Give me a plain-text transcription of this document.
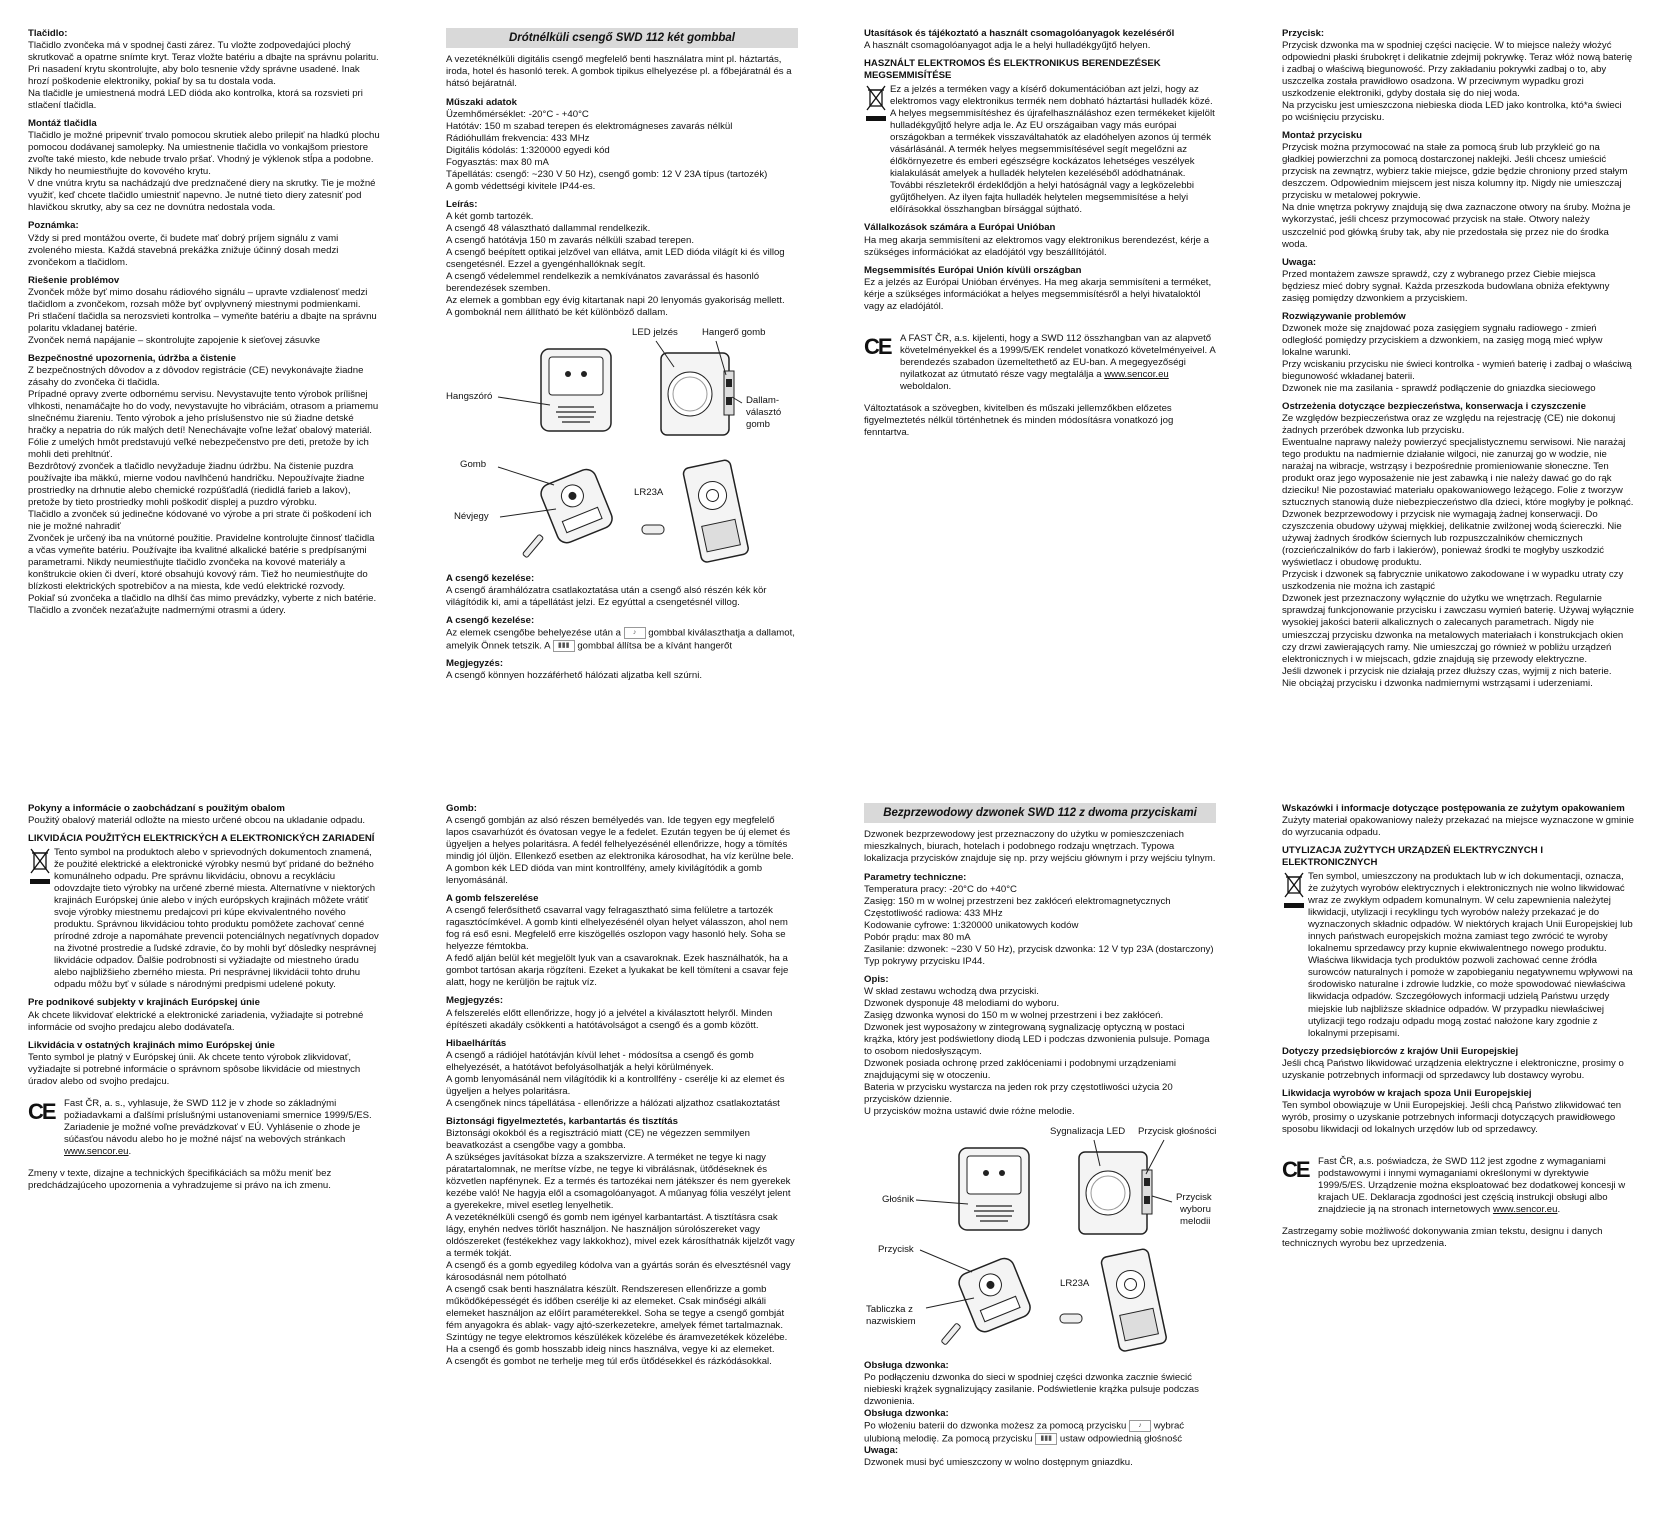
Tlačidlo:

Tlačidlo zvončeka má v spodnej časti zárez. Tu vložte zodpovedajúci plochý skrutkovač a opatrne snímte kryt. Teraz vložte batériu a dbajte na správnu polaritu. Pri nasadení krytu skontrolujte, aby bolo tesnenie vždy správne usadené. Inak hrozí poškodenie elektroniky, pokiaľ by sa tu dostala voda.

Na tlačidle je umiestnená modrá LED dióda ako kontrolka, ktorá sa rozsvieti pri stlačení tlačidla.

Montáž tlačidla

Tlačidlo je možné pripevniť trvalo pomocou skrutiek alebo prilepiť na hladkú plochu pomocou dodávanej samolepky. Na umiestnenie tlačidla vo vonkajšom priestore zvoľte také miesto, kde nebude trvalo pršať. Vhodný je výklenok stĺpa a podobne. Nikdy ho neumiestňujte do kovového krytu.

V dne vnútra krytu sa nachádzajú dve predznačené diery na skrutky. Tie je možné využiť, keď chcete tlačidlo umiestniť napevno. Je nutné tieto diery zatesniť pod hlavičkou skrutky, aby sa cez ne dovnútra nedostala voda.

Poznámka:

Vždy si pred montážou overte, či budete mať dobrý príjem signálu z vami zvoleného miesta. Každá stavebná prekážka znižuje účinný dosah medzi zvončekom a tlačidlom.

Riešenie problémov

Zvonček môže byť mimo dosahu rádiového signálu – upravte vzdialenosť medzi tlačidlom a zvončekom, rozsah môže byť ovplyvnený miestnymi podmienkami.

Pri stlačení tlačidla sa nerozsvieti kontrolka – vymeňte batériu a dbajte na správnu polaritu vkladanej batérie.

Zvonček nemá napájanie – skontrolujte zapojenie k sieťovej zásuvke

Bezpečnostné upozornenia, údržba a čistenie

Z bezpečnostných dôvodov a z dôvodov registrácie (CE) nevykonávajte žiadne zásahy do zvončeka či tlačidla.

Prípadné opravy zverte odbornému servisu. Nevystavujte tento výrobok prílišnej vlhkosti, nenamáčajte ho do vody, nevystavujte ho vibráciám, otrasom a priamemu slnečnému žiareniu. Tento výrobok a jeho príslušenstvo nie sú žiadne detské hračky a nepatria do rúk malých detí! Nenechávajte voľne ležať obalový materiál. Fólie z umelých hmôt predstavujú veľké nebezpečenstvo pre deti, pretože by ich mohli deti prehltnúť.

Bezdrôtový zvonček a tlačidlo nevyžaduje žiadnu údržbu. Na čistenie puzdra používajte iba mäkkú, mierne vodou navlhčenú handričku. Nepoužívajte žiadne prostriedky na drhnutie alebo chemické rozpúšťadlá (riedidlá farieb a lakov), pretože by tieto prostriedky mohli poškodiť displej a puzdro výrobku.

Tlačidlo a zvonček sú jedinečne kódované vo výrobe a pri strate či poškodení ich nie je možné nahradiť

Zvonček je určený iba na vnútorné použitie. Pravidelne kontrolujte činnosť tlačidla a včas vymeňte batériu. Používajte iba kvalitné alkalické batérie s predpísanými parametrami. Nikdy neumiestňujte tlačidlo zvončeka na kovové materiály a konštrukcie okien či dverí, ktoré obsahujú kovový rám. Tiež ho neumiestňujte do blízkosti elektrických spotrebičov a na miesta, kde vedú elektrické rozvody.

Pokiaľ sú zvončeka a tlačidlo na dlhší čas mimo prevádzky, vyberte z nich batérie.

Tlačidlo a zvonček nezaťažujte nadmernými otrasmi a údery.

Drótnélküli csengő SWD 112 két gombbal

A vezetéknélküli digitális csengő megfelelő benti használatra mint pl. háztartás, iroda, hotel és hasonló terek. A gombok tipikus elhelyezése pl. a főbejáratnál és a hátsó bejáratnál.

Műszaki adatok
Üzemhőmérséklet: -20°C - +40°C
Hatótáv: 150 m szabad terepen és elektromágneses zavarás nélkül
Rádióhullám frekvencia: 433 MHz
Digitális kódolás: 1:320000 egyedi kód
Fogyasztás: max 80 mA
Tápellátás: csengő: ~230 V 50 Hz), csengő gomb: 12 V 23A típus (tartozék)
A gomb védettségi kivitele IP44-es.
Leírás:
A két gomb tartozék.
A csengő 48 választható dallammal rendelkezik.
A csengő hatótávja 150 m zavarás nélküli szabad terepen.
A csengő beépített optikai jelzővel van ellátva, amit LED dióda világít ki és villog csengetésnél. Ezzel a gyengénhallóknak segít.
A csengő védelemmel rendelkezik a nemkívánatos zavarással és hasonló berendezések szemben.
Az elemek a gombban egy évig kitartanak napi 20 lenyomás gyakoriság mellett.
A gomboknál nem állítható be két különböző dallam.
LED jelzés	Hangerő gomb
Hangszóró	Dallam-
választó
gomb
Gomb
LR23A
Névjegy
A csengő kezelése:

A csengő áramhálózatra csatlakoztatása után a csengő alsó részén kék kör világítódik ki, ami a tápellátást jelzi. Ez egyúttal a csengetésnél villog.

A csengő kezelése:

Az elemek csengőbe behelyezése után a ♪ gombbal kiválaszthatja a dallamot, amelyik Önnek tetszik. A ▮▮▮ gombbal állítsa be a kívánt hangerőt

Megjegyzés:

A csengő könnyen hozzáférhető hálózati aljzatba kell szúrni.

Utasítások és tájékoztató a használt csomagolóanyagok kezeléséről

A használt csomagolóanyagot adja le a helyi hulladékgyűjtő helyen.

HASZNÁLT ELEKTROMOS ÉS ELEKTRONIKUS BERENDEZÉSEK MEGSEMMISÍTÉSE

Ez a jelzés a terméken vagy a kísérő dokumentációban azt jelzi, hogy az elektromos vagy elektronikus termék nem dobható háztartási hulladék közé. A helyes megsemmisítéshez és újrafelhasználáshoz ezen termékeket kijelölt hulladékgyűjtő helyre adja le. Az EU országaiban vagy más európai országokban a termékek visszaváltahatók az eladóhelyen azonos új termék vásárlásánál. A termék helyes megsemmisítésével segít megelőzni az élőkörnyezetre és emberi egészségre kockázatos lehetséges veszélyek kialakulását amelyek a hulladék helytelen kezeléséből adódhatnának. További részletekről érdeklődjön a helyi hatóságnál vagy a legközelebbi gyűjtőhelyen. Az ilyen fajta hulladék helytelen megsemmisítése a helyi előírásokkal összhangban bírsággal sújtható.

Vállalkozások számára a Európai Unióban

Ha meg akarja semmisíteni az elektromos vagy elektronikus berendezést, kérje a szükséges információkat az eladójától vgy beszállítójától.

Megsemmisítés Európai Unión kívüli országban

Ez a jelzés az Európai Unióban érvényes. Ha meg akarja semmisíteni a terméket, kérje a szükséges információkat a helyes megsemmisítésről a helyi hivataloktól vagy az eladójától.

CE A FAST ČR, a.s. kijelenti, hogy a SWD 112 összhangban van az alapvető követelményekkel és a 1999/5/EK rendelet vonatkozó követelményeivel. A berendezés szabadon üzemeltethető az EU-ban. A megegyezőségi nyilatkozat az útmutató része vagy megtalálja a www.sencor.eu weboldalon.

Változtatások a szövegben, kivitelben és műszaki jellemzőkben előzetes figyelmeztetés nélkül történhetnek és minden módosításra vonatkozó jog fenntartva.

Przycisk:

Przycisk dzwonka ma w spodniej części nacięcie. W to miejsce należy włożyć odpowiedni płaski śrubokręt i delikatnie zdejmij pokrywkę. Teraz włóż nową baterię i zadbaj o właściwą biegunowość. Przy zakładaniu pokrywki zadbaj o to, aby uszczelka została prawidłowo osadzona. W przeciwnym wypadku grozi uszkodzenie elektroniki, gdyby dostała się do niej woda.

Na przycisku jest umieszczona niebieska dioda LED jako kontrolka, któ*a świeci po wciśnięciu przycisku.

Montaż przycisku

Przycisk można przymocować na stałe za pomocą śrub lub przykleić go na gładkiej powierzchni za pomocą dostarczonej naklejki. Jeśli chcesz umieścić przycisk na zewnątrz, wybierz takie miejsce, gdzie będzie chroniony przed stałym deszczem. Odpowiednim miejscem jest nisza kolumny itp. Nigdy nie umieszczaj przycisku w metalowej pokrywie.

Na dnie wnętrza pokrywy znajdują się dwa zaznaczone otwory na śruby. Można je wykorzystać, jeśli chcesz przymocować przycisk na stałe. Otwory należy uszczelnić pod główką śruby tak, aby nie przedostała się przez nie do środka woda.

Uwaga:

Przed montażem zawsze sprawdź, czy z wybranego przez Ciebie miejsca będziesz mieć dobry sygnał. Każda przeszkoda budowlana obniża efektywny zasięg pomiędzy dzwonkiem a przyciskiem.

Rozwiązywanie problemów

Dzwonek może się znajdować poza zasięgiem sygnału radiowego - zmień odległość pomiędzy przyciskiem a dzwonkiem, na zasięg mogą mieć wpływ lokalne warunki.

Przy wciskaniu przycisku nie świeci kontrolka - wymień baterię i zadbaj o właściwą biegunowość wkładanej baterii.

Dzwonek nie ma zasilania - sprawdź podłączenie do gniazdka sieciowego

Ostrzeżenia dotyczące bezpieczeństwa, konserwacja i czyszczenie

Ze względów bezpieczeństwa oraz ze względu na rejestrację (CE) nie dokonuj żadnych przeróbek dzwonka lub przycisku.

Ewentualne naprawy należy powierzyć specjalistycznemu serwisowi. Nie narażaj tego produktu na nadmiernie działanie wilgoci, nie zanurzaj go w wodzie, nie narażaj na wibracje, wstrząsy i bezpośrednie promieniowanie słoneczne. Ten produkt oraz jego wyposażenie nie jest zabawką i nie należy dawać go do rąk dzieciku! Nie pozostawiać materiału opakowaniowego leżącego. Folie z tworzyw sztucznych stanowią duże niebezpieczeństwo dla dzieci, które mogłyby je połknąć.

Dzwonek bezprzewodowy i przycisk nie wymagają żadnej konserwacji. Do czyszczenia obudowy używaj miękkiej, delikatnie zwilżonej wodą ściereczki. Nie używaj żadnych środków ściernych lub rozpuszczalników chemicznych (rozcieńczalników do farb i lakierów), ponieważ środki te mogłyby uszkodzić wyświetlacz i obudowę produktu.

Przycisk i dzwonek są fabrycznie unikatowo zakodowane i w wypadku utraty czy uszkodzenia nie można ich zastąpić

Dzwonek jest przeznaczony wyłącznie do użytku we wnętrzach. Regularnie sprawdzaj funkcjonowanie przycisku i zawczasu wymień baterię. Używaj wyłącznie wysokiej jakości baterii alkalicznych o zalecanych parametrach. Nigdy nie umieszczaj przycisku dzwonka na metalowych materiałach i konstrukcjach okien czy drzwi zawierających ramy. Nie umieszczaj go również w pobliżu urządzeń elektronicznych i w miejscach, gdzie znajdują się przewody elektryczne.

Jeśli dzwonek i przycisk nie działają przez dłuższy czas, wyjmij z nich baterie.

Nie obciążaj przycisku i dzwonka nadmiernymi wstrząsami i uderzeniami.

Pokyny a informácie o zaobchádzaní s použitým obalom

Použitý obalový materiál odložte na miesto určené obcou na ukladanie odpadu.

LIKVIDÁCIA POUŽITÝCH ELEKTRICKÝCH A ELEKTRONICKÝCH ZARIADENÍ

Tento symbol na produktoch alebo v sprievodných dokumentoch znamená, že použité elektrické a elektronické výrobky nesmú byť pridané do bežného komunálneho odpadu. Pre správnu likvidáciu, obnovu a recykláciu odovzdajte tieto výrobky na určené zberné miesta. Alternatívne v niektorých krajinách Európskej únie alebo v iných európskych krajinách môžete vrátiť svoje výrobky miestnemu predajcovi pri kúpe ekvivalentného nového produktu. Správnou likvidáciou tohto produktu pomôžete zachovať cenné prírodné zdroje a napomáhate prevencii potenciálnych negatívnych dopadov na životné prostredie a ľudské zdravie, čo by mohli byť dôsledky nesprávnej likvidácie odpadov. Ďalšie podrobnosti si vyžiadajte od miestneho úradu alebo najbližšieho zberného miesta. Pri nesprávnej likvidácii tohto druhu odpadu môžu byť v súlade s národnými predpismi udelené pokuty.

Pre podnikové subjekty v krajinách Európskej únie

Ak chcete likvidovať elektrické a elektronické zariadenia, vyžiadajte si potrebné informácie od svojho predajcu alebo dodávateľa.

Likvidácia v ostatných krajinách mimo Európskej únie

Tento symbol je platný v Európskej únii. Ak chcete tento výrobok zlikvidovať, vyžiadajte si potrebné informácie o správnom spôsobe likvidácie od miestnych úradov alebo od svojho predajcu.

CE Fast ČR, a. s., vyhlasuje, že SWD 112 je v zhode so základnými požiadavkami a ďalšími príslušnými ustanoveniami smernice 1999/5/ES. Zariadenie je možné voľne prevádzkovať v EÚ. Vyhlásenie o zhode je súčasťou návodu alebo ho je možné nájsť na webových stránkach www.sencor.eu.

Zmeny v texte, dizajne a technických špecifikáciách sa môžu meniť bez predchádzajúceho upozornenia a vyhradzujeme si právo na ich zmenu.

Gomb:

A csengő gombján az alsó részen bemélyedés van. Ide tegyen egy megfelelő lapos csavarhúzót és óvatosan vegye le a fedelet. Ezután tegyen be új elemet és ügyeljen a helyes polaritásra. A fedél felhelyezésénél ellenőrizze, hogy a tömítés mindig jól üljön. Ellenkező esetben az elektronika károsodhat, ha víz kerülne bele.

A gombon kék LED dióda van mint kontrollfény, amely kivilágítódik a gomb lenyomásánál.

A gomb felszerelése

A csengő felerősíthető csavarral vagy felragasztható sima felületre a tartozék ragasztócímkével. A gomb kinti elhelyezésénél olyan helyet válasszon, ahol nem fog rá eső esni. Megfelelő erre kiszögellés oszlopon vagy hasonló hely. Soha se helyezze fémtokba.

A fedő alján belül két megjelölt lyuk van a csavaroknak. Ezek használhatók, ha a gombot tartósan akarja rögzíteni. Ezeket a lyukakat be kell tömíteni a csavar feje alatt, hogy ne kerüljön be rajtuk víz.

Megjegyzés:

A felszerelés előtt ellenőrizze, hogy jó a jelvétel a kiválasztott helyről. Minden építészeti akadály csökkenti a hatótávolságot a csengő és a gomb között.

Hibaelhárítás

A csengő a rádiójel hatótávján kívül lehet - módosítsa a csengő és gomb elhelyezését, a hatótávot befolyásolhatják a helyi körülmények.

A gomb lenyomásánál nem világítódik ki a kontrollfény - cserélje ki az elemet és ügyeljen a helyes polaritásra.

A csengőnek nincs tápellátása - ellenőrizze a hálózati aljzathoz csatlakoztatást

Biztonsági figyelmeztetés, karbantartás és tisztítás

Biztonsági okokból és a regisztráció miatt (CE) ne végezzen semmilyen beavatkozást a csengőbe vagy a gombba.

A szükséges javításokat bízza a szakszervizre. A terméket ne tegye ki nagy páratartalomnak, ne merítse vízbe, ne tegye ki vibrálásnak, ütődéseknek és közvetlen napfénynek. Ez a termés és tartozékai nem játékszer és nem gyerekek kezébe való! Ne hagyja elől a csomagolóanyagot. A műanyag fólia veszélyt jelent a gyerekekre, mivel esetleg lenyelhetik.

A vezetéknélküli csengő és gomb nem igényel karbantartást. A tisztításra csak lágy, enyhén nedves törlőt használjon. Ne használjon súrolószereket vagy oldószereket (festékekhez vagy lakkokhoz), mivel ezek károsíthatnák kijelzőt vagy a termék tokját.

A csengő és a gomb egyedileg kódolva van a gyártás során és elvesztésnél vagy károsodásnál nem pótolható

A csengő csak benti használatra készült. Rendszeresen ellenőrizze a gomb működőképességét és időben cserélje ki az elemeket. Csak minőségi alkáli elemeket használjon az előírt paraméterekkel. Soha se tegye a csengő gombját fém anyagokra és ablak- vagy ajtó-szerkezetekre, amelyek fémet tartalmaznak. Szintúgy ne tegye elektromos készülékek közelébe és áramvezetékek közelébe.

Ha a csengő és gomb hosszabb ideig nincs használva, vegye ki az elemeket.

A csengőt és gombot ne terhelje meg túl erős ütődésekkel és rázkódásokkal.

Bezprzewodowy dzwonek SWD 112 z dwoma przyciskami

Dzwonek bezprzewodowy jest przeznaczony do użytku w pomieszczeniach mieszkalnych, biurach, hotelach i podobnego rodzaju wnętrzach. Typowa lokalizacja przycisków znajduje się np. przy wejściu głównym i przy wejściu tylnym.

Parametry techniczne:
Temperatura pracy: -20°C do +40°C
Zasięg: 150 m w wolnej przestrzeni bez zakłóceń elektromagnetycznych
Częstotliwość radiowa: 433 MHz
Kodowanie cyfrowe: 1:320000 unikatowych kodów
Pobór prądu: max 80 mA
Zasilanie: dzwonek: ~230 V 50 Hz), przycisk dzwonka: 12 V typ 23A (dostarczony)
Typ pokrywy przycisku IP44.
Opis:
W skład zestawu wchodzą dwa przyciski.
Dzwonek dysponuje 48 melodiami do wyboru.
Zasięg dzwonka wynosi do 150 m w wolnej przestrzeni i bez zakłóceń.
Dzwonek jest wyposażony w zintegrowaną sygnalizację optyczną w postaci krążka, który jest podświetlony diodą LED i podczas dzwonienia pulsuje. Pomaga to osobom niedosłyszącym.
Dzwonek posiada ochronę przed zakłóceniami i podobnymi urządzeniami znajdującymi się w otoczeniu.
Bateria w przycisku wystarcza na jeden rok przy częstotliwości użycia 20 przycisków dziennie.
U przycisków można ustawić dwie różne melodie.
Sygnalizacja LED Przycisk głośności
Głośnik	Przycisk
wyboru
melodii
Przycisk
LR23A
Tabliczka z
nazwiskiem
Obsługa dzwonka:

Po podłączeniu dzwonka do sieci w spodniej części dzwonka zacznie świecić niebieski krążek sygnalizujący zasilanie. Podświetlenie krążka pulsuje podczas dzwonienia.

Obsługa dzwonka:

Po włożeniu baterii do dzwonka możesz za pomocą przycisku ♪ wybrać ulubioną melodię. Za pomocą przycisku ▮▮▮ ustaw odpowiednią głośność

Uwaga:

Dzwonek musi być umieszczony w wolno dostępnym gniazdku.

Wskazówki i informacje dotyczące postępowania ze zużytym opakowaniem

Zużyty materiał opakowaniowy należy przekazać na miejsce wyznaczone w gminie do wyrzucania odpadu.

UTYLIZACJA ZUŻYTYCH URZĄDZEŃ ELEKTRYCZNYCH I ELEKTRONICZNYCH

Ten symbol, umieszczony na produktach lub w ich dokumentacji, oznacza, że zużytych wyrobów elektrycznych i elektronicznych nie wolno likwidować wraz ze zwykłym odpadem komunalnym. W celu zapewnienia należytej likwidacji, utylizacji i recyklingu tych wyrobów należy przekazać je do wyznaczonych składnic odpadów. W niektórych krajach Unii Europejskiej lub innych państwach europejskich można zamiast tego zwrócić te wyroby lokalnemu sprzedawcy przy kupnie ekwiwalentnego nowego produktu. Właściwa likwidacja tych produktów pozwoli zachować cenne źródła surowców naturalnych i pomoże w zapobieganiu negatywnemu wpływowi na środowisko naturalne i zdrowie ludzkie, co może spowodować niewłaściwa likwidacja odpadów. Szczegółowych informacji udzielą Państwu urzędy miejskie lub najbliższe składnice odpadów. W przypadku niewłaściwej utylizacji tego rodzaju odpadu mogą zostać nałożone kary zgodnie z lokalnymi przepisami.

Dotyczy przedsiębiorców z krajów Unii Europejskiej

Jeśli chcą Państwo likwidować urządzenia elektryczne i elektroniczne, prosimy o uzyskanie potrzebnych informacji od sprzedawcy lub dostawcy wyrobu.

Likwidacja wyrobów w krajach spoza Unii Europejskiej

Ten symbol obowiązuje w Unii Europejskiej. Jeśli chcą Państwo zlikwidować ten wyrób, prosimy o uzyskanie potrzebnych informacji dotyczących prawidłowego sposobu likwidacji od lokalnych urzędów lub od sprzedawcy.

CE Fast ČR, a.s. poświadcza, że SWD 112 jest zgodne z wymaganiami podstawowymi i innymi wymaganiami określonymi w dyrektywie 1999/5/ES. Urządzenie można eksploatować bez dodatkowej koncesji w krajach UE. Deklaracja zgodności jest częścią instrukcji obsługi albo znajdziecie ją na stronach internetowych www.sencor.eu.

Zastrzegamy sobie możliwość dokonywania zmian tekstu, designu i danych technicznych wyrobu bez uprzedzenia.
